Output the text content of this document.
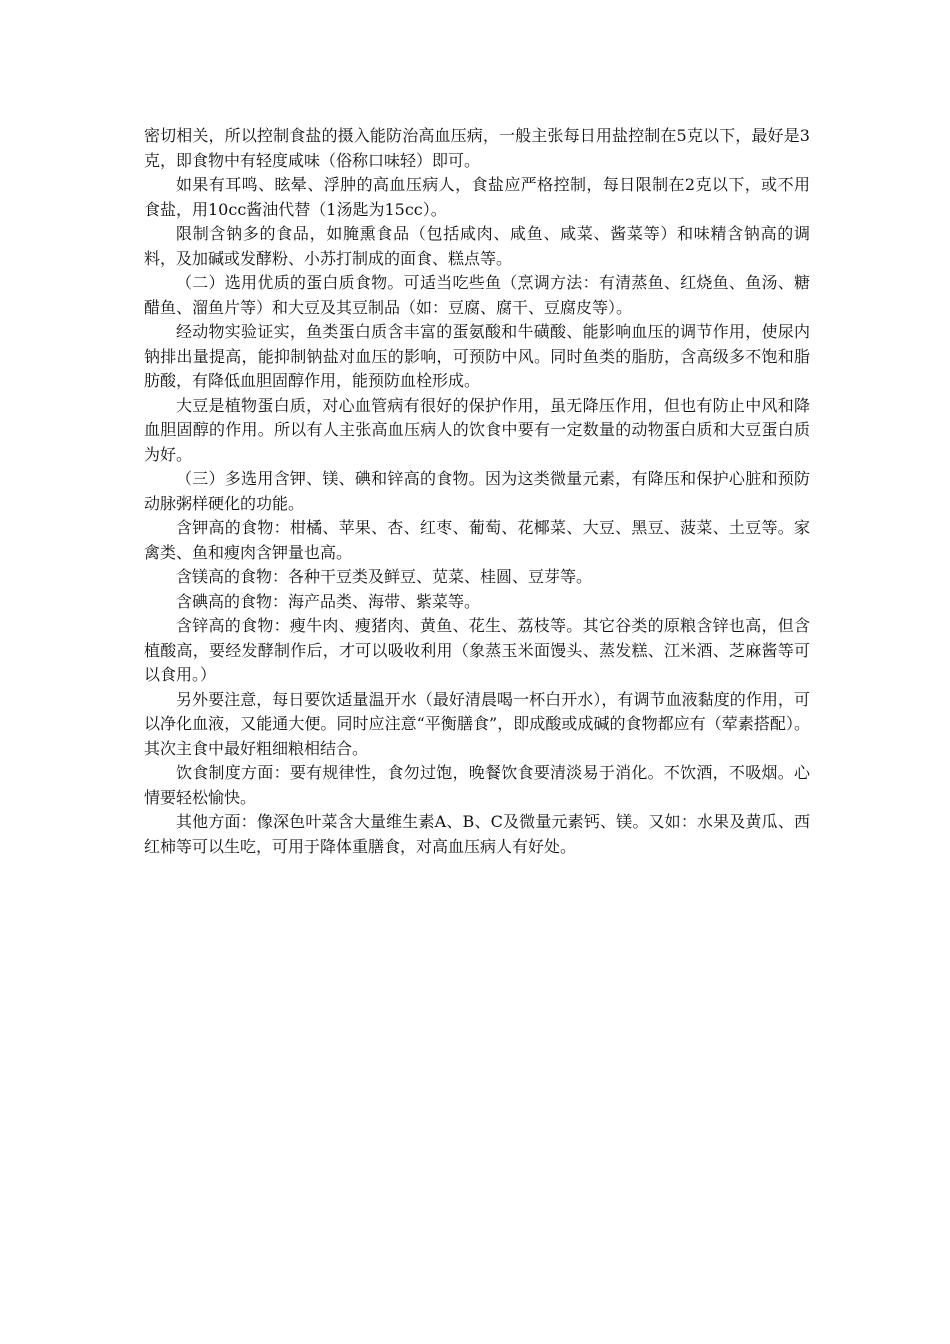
密切相关，所以控制食盐的摄入能防治高血压病，一般主张每日用盐控制在5克以下，最好是3克，即食物中有轻度咸味（俗称口味轻）即可。

如果有耳鸣、眩晕、浮肿的高血压病人，食盐应严格控制，每日限制在2克以下，或不用食盐，用10cc酱油代替（1汤匙为15cc）。

限制含钠多的食品，如腌熏食品（包括咸肉、咸鱼、咸菜、酱菜等）和味精含钠高的调料，及加碱或发酵粉、小苏打制成的面食、糕点等。

（二）选用优质的蛋白质食物。可适当吃些鱼（烹调方法：有清蒸鱼、红烧鱼、鱼汤、糖醋鱼、溜鱼片等）和大豆及其豆制品（如：豆腐、腐干、豆腐皮等）。

经动物实验证实，鱼类蛋白质含丰富的蛋氨酸和牛磺酸、能影响血压的调节作用，使尿内钠排出量提高，能抑制钠盐对血压的影响，可预防中风。同时鱼类的脂肪，含高级多不饱和脂肪酸，有降低血胆固醇作用，能预防血栓形成。

大豆是植物蛋白质，对心血管病有很好的保护作用，虽无降压作用，但也有防止中风和降血胆固醇的作用。所以有人主张高血压病人的饮食中要有一定数量的动物蛋白质和大豆蛋白质为好。

（三）多选用含钾、镁、碘和锌高的食物。因为这类微量元素，有降压和保护心脏和预防动脉粥样硬化的功能。

含钾高的食物：柑橘、苹果、杏、红枣、葡萄、花椰菜、大豆、黑豆、菠菜、土豆等。家禽类、鱼和瘦肉含钾量也高。

含镁高的食物：各种干豆类及鲜豆、苋菜、桂圆、豆芽等。

含碘高的食物：海产品类、海带、紫菜等。

含锌高的食物：瘦牛肉、瘦猪肉、黄鱼、花生、荔枝等。其它谷类的原粮含锌也高，但含植酸高，要经发酵制作后，才可以吸收利用（象蒸玉米面馒头、蒸发糕、江米酒、芝麻酱等可以食用。）

另外要注意，每日要饮适量温开水（最好清晨喝一杯白开水），有调节血液黏度的作用，可以净化血液，又能通大便。同时应注意“平衡膳食”，即成酸或成碱的食物都应有（荤素搭配）。其次主食中最好粗细粮相结合。

饮食制度方面：要有规律性，食勿过饱，晚餐饮食要清淡易于消化。不饮酒，不吸烟。心情要轻松愉快。

其他方面：像深色叶菜含大量维生素A、B、C及微量元素钙、镁。又如：水果及黄瓜、西红柿等可以生吃，可用于降体重膳食，对高血压病人有好处。
